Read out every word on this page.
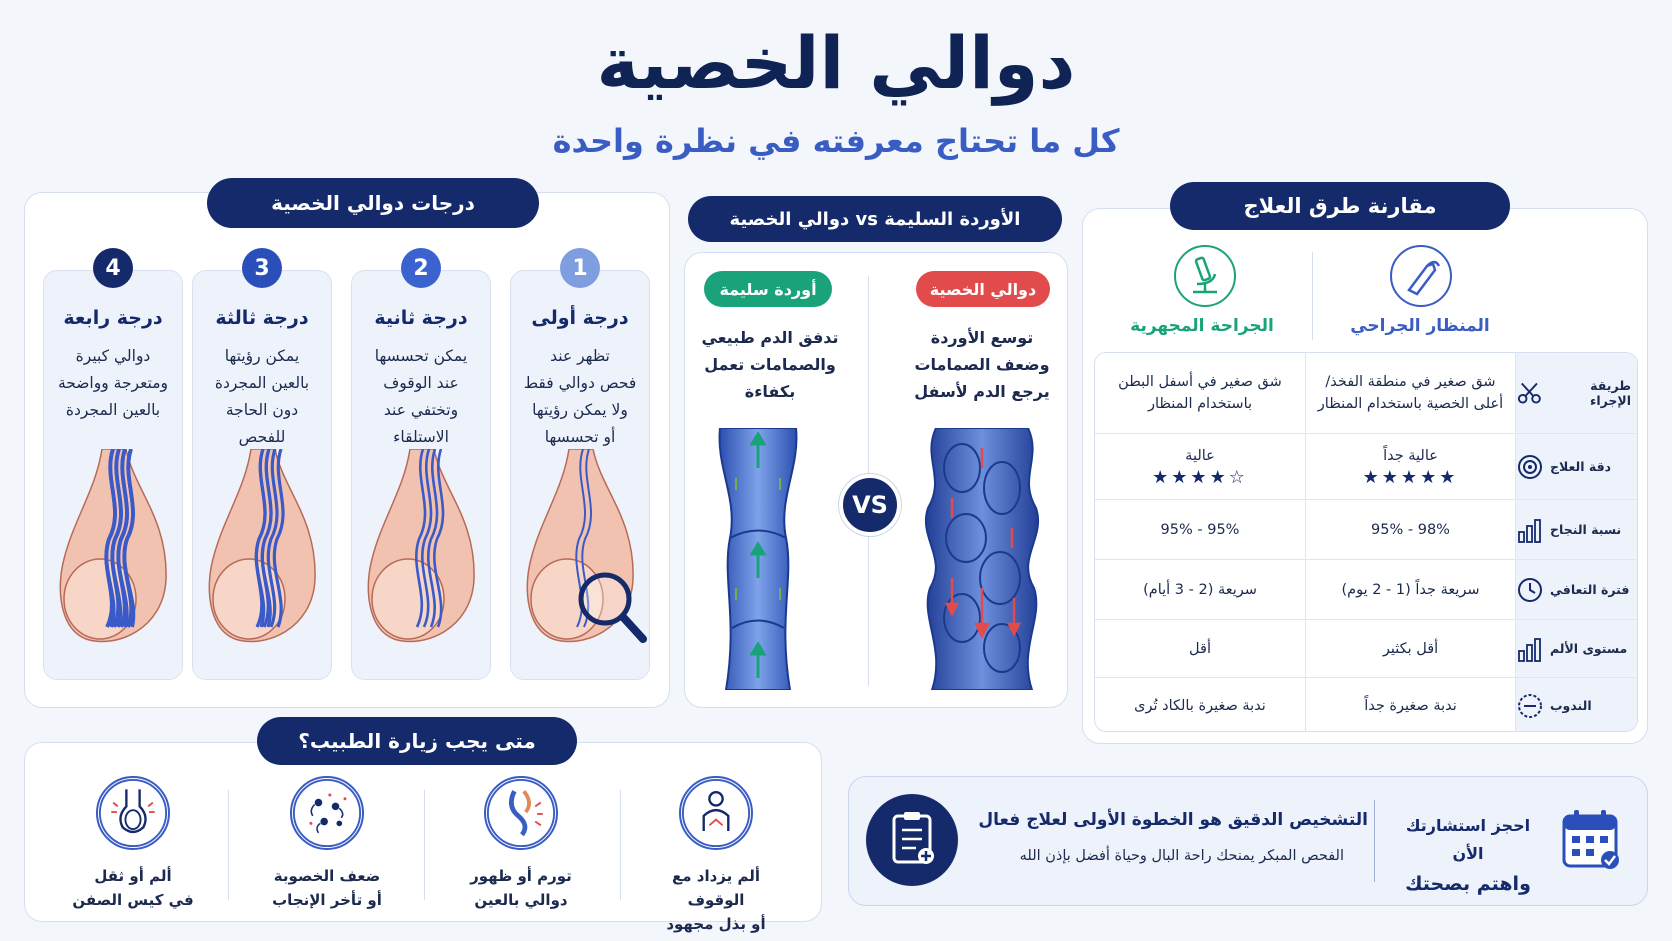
دوالي الخصية
كل ما تحتاج معرفته في نظرة واحدة
درجات دوالي الخصية
درجة أولى
تظهر عند
فحص دوالي فقط
ولا يمكن رؤيتها
أو تحسسها
1
درجة ثانية
يمكن تحسسها
عند الوقوف
وتختفي عند
الاستلقاء
2
درجة ثالثة
يمكن رؤيتها
بالعين المجردة
دون الحاجة
للفحص
3
درجة رابعة
دوالي كبيرة
ومتعرجة وواضحة
بالعين المجردة
4
الأوردة السليمة vs دوالي الخصية
دوالي الخصية
أوردة سليمة
توسع الأوردة
وضعف الصمامات
يرجع الدم لأسفل
تدفق الدم طبيعي
والصمامات تعمل
بكفاءة
VS
مقارنة طرق العلاج
المنظار الجراحي
الجراحة المجهرية
طريقة الإجراء
شق صغير في منطقة الفخذ/أعلى الخصية باستخدام المنظار
شق صغير في أسفل البطن باستخدام المنظار
دقة العلاج
عالية جداً
★★★★★
عالية
★★★★☆
نسبة النجاح
98% - 95%
95% - 95%
فترة التعافي
سريعة جداً (1 - 2 يوم)
سريعة (2 - 3 أيام)
مستوى الألم
أقل بكثير
أقل
الندوب
ندبة صغيرة جداً
ندبة صغيرة بالكاد تُرى
متى يجب زيارة الطبيب؟
ألم يزداد مع الوقوف
أو بذل مجهود
تورم أو ظهور
دوالي بالعين
ضعف الخصوبة
أو تأخر الإنجاب
ألم أو ثقل
في كيس الصفن
احجز استشارتك الأن
واهتم بصحتك
التشخيص الدقيق هو الخطوة الأولى لعلاج فعال
الفحص المبكر يمنحك راحة البال وحياة أفضل بإذن الله
